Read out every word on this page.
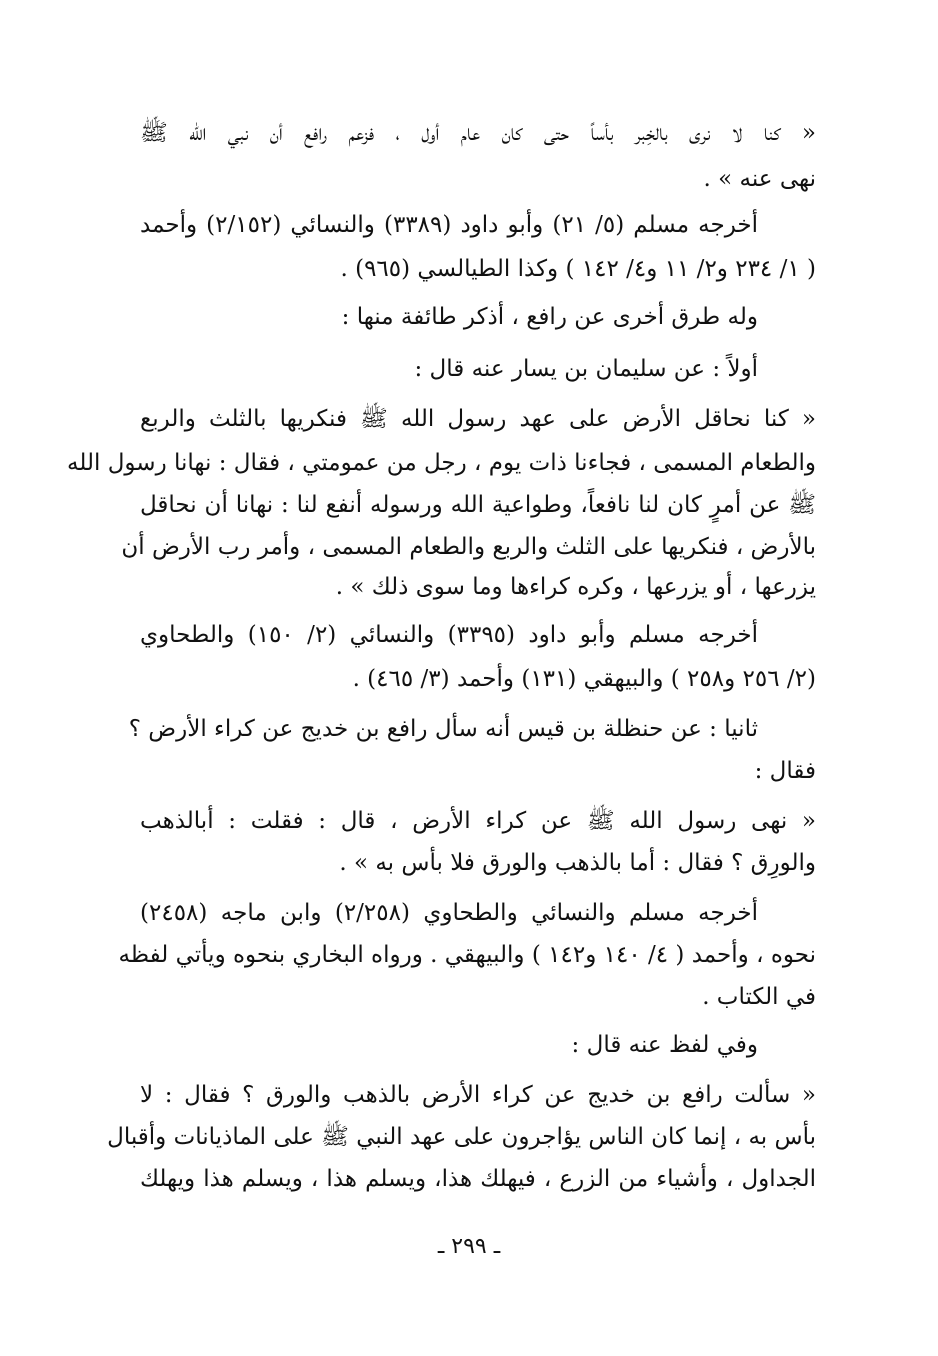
« كنا لا نرى بالخِبر بأساً حتى كان عام أول ، فزعم رافع أن نبي الله ﷺ
نهى عنه » .
أخرجه مسلم (٥/ ٢١) وأبو داود (٣٣٨٩) والنسائي (٢/١٥٢) وأحمد
( ١/ ٢٣٤ و٢/ ١١ و٤/ ١٤٢ ) وكذا الطيالسي (٩٦٥) .
وله طرق أخرى عن رافع ، أذكر طائفة منها :
أولاً : عن سليمان بن يسار عنه قال :
« كنا نحاقل الأرض على عهد رسول الله ﷺ فنكريها بالثلث والربع
والطعام المسمى ، فجاءنا ذات يوم ، رجل من عمومتي ، فقال : نهانا رسول الله
ﷺ عن أمرٍ كان لنا نافعاً، وطواعية الله ورسوله أنفع لنا : نهانا أن نحاقل
بالأرض ، فنكريها على الثلث والربع والطعام المسمى ، وأمر رب الأرض أن
يزرعها ، أو يزرعها ، وكره كراءها وما سوى ذلك » .
أخرجه مسلم وأبو داود (٣٣٩٥) والنسائي (٢/ ١٥٠) والطحاوي
(٢/ ٢٥٦ و٢٥٨ ) والبيهقي (١٣١) وأحمد (٣/ ٤٦٥) .
ثانيا : عن حنظلة بن قيس أنه سأل رافع بن خديج عن كراء الأرض ؟
فقال :
« نهى رسول الله ﷺ عن كراء الأرض ، قال : فقلت : أبالذهب
والورِق ؟ فقال : أما بالذهب والورق فلا بأس به » .
أخرجه مسلم والنسائي والطحاوي (٢/٢٥٨) وابن ماجه (٢٤٥٨)
نحوه ، وأحمد ( ٤/ ١٤٠ و١٤٢ ) والبيهقي . ورواه البخاري بنحوه ويأتي لفظه
في الكتاب .
وفي لفظ عنه قال :
« سألت رافع بن خديج عن كراء الأرض بالذهب والورق ؟ فقال : لا
بأس به ، إنما كان الناس يؤاجرون على عهد النبي ﷺ على الماذيانات وأقبال
الجداول ، وأشياء من الزرع ، فيهلك هذا، ويسلم هذا ، ويسلم هذا ويهلك
ـ ٢٩٩ ـ
